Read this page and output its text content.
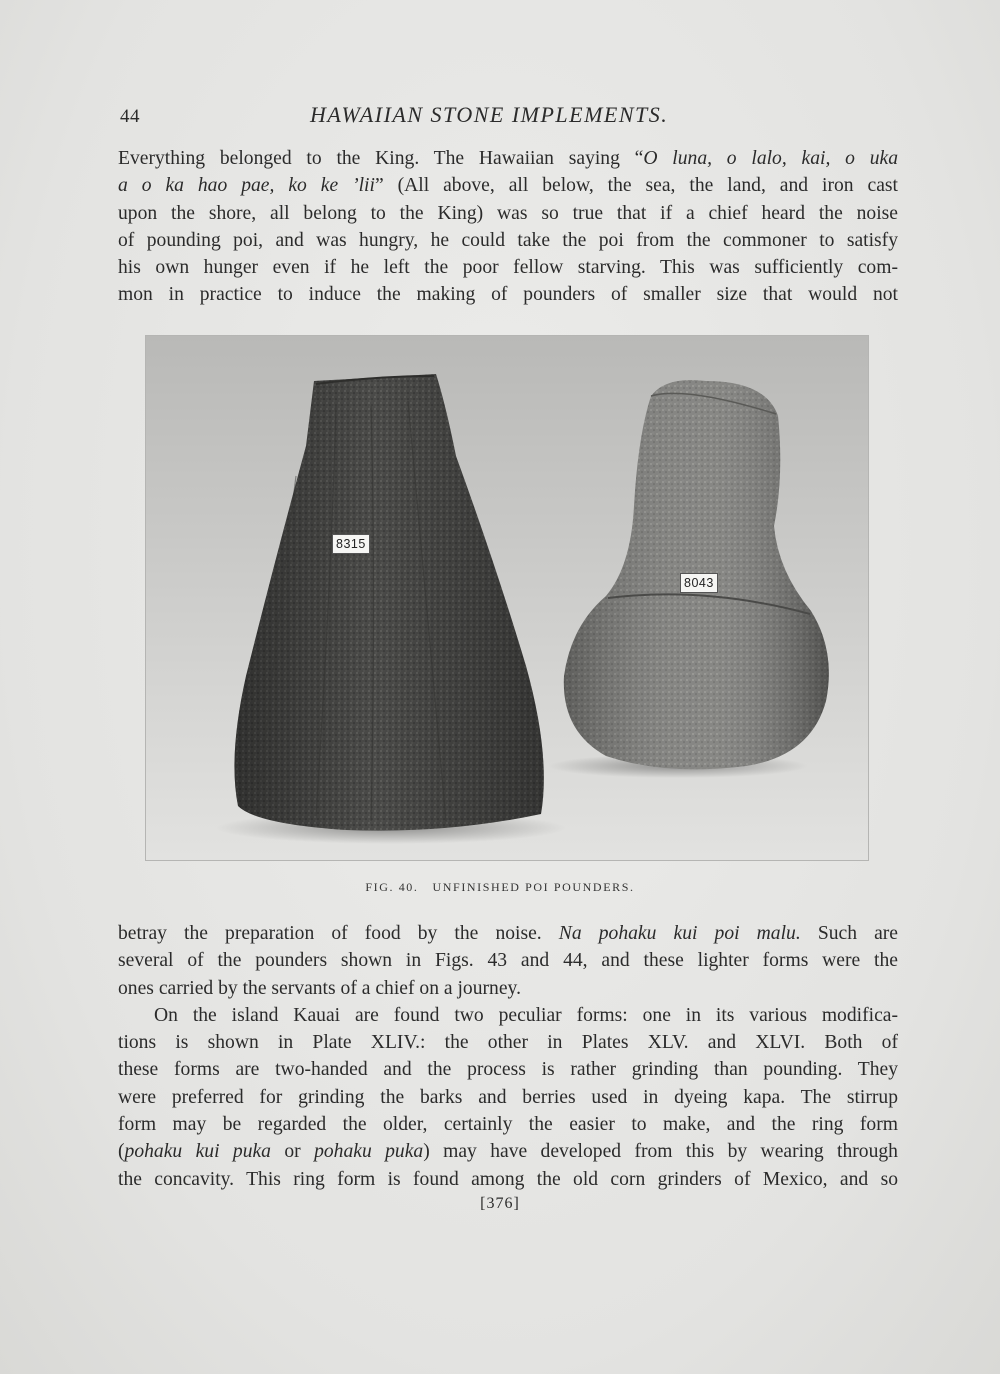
44	HAWAIIAN STONE IMPLEMENTS.
Everything belonged to the King. The Hawaiian saying “O luna, o lalo, kai, o uka
a o ka hao pae, ko ke ’lii” (All above, all below, the sea, the land, and iron cast
upon the shore, all belong to the King) was so true that if a chief heard the noise
of pounding poi, and was hungry, he could take the poi from the commoner to satisfy
his own hunger even if he left the poor fellow starving. This was sufficiently com-
mon in practice to induce the making of pounders of smaller size that would not
8315
8043
FIG. 40. UNFINISHED POI POUNDERS.
betray the preparation of food by the noise. Na pohaku kui poi malu. Such are
several of the pounders shown in Figs. 43 and 44, and these lighter forms were the
ones carried by the servants of a chief on a journey.
On the island Kauai are found two peculiar forms: one in its various modifica-
tions is shown in Plate XLIV.: the other in Plates XLV. and XLVI. Both of
these forms are two-handed and the process is rather grinding than pounding. They
were preferred for grinding the barks and berries used in dyeing kapa. The stirrup
form may be regarded the older, certainly the easier to make, and the ring form
(pohaku kui puka or pohaku puka) may have developed from this by wearing through
the concavity. This ring form is found among the old corn grinders of Mexico, and so
[376]
